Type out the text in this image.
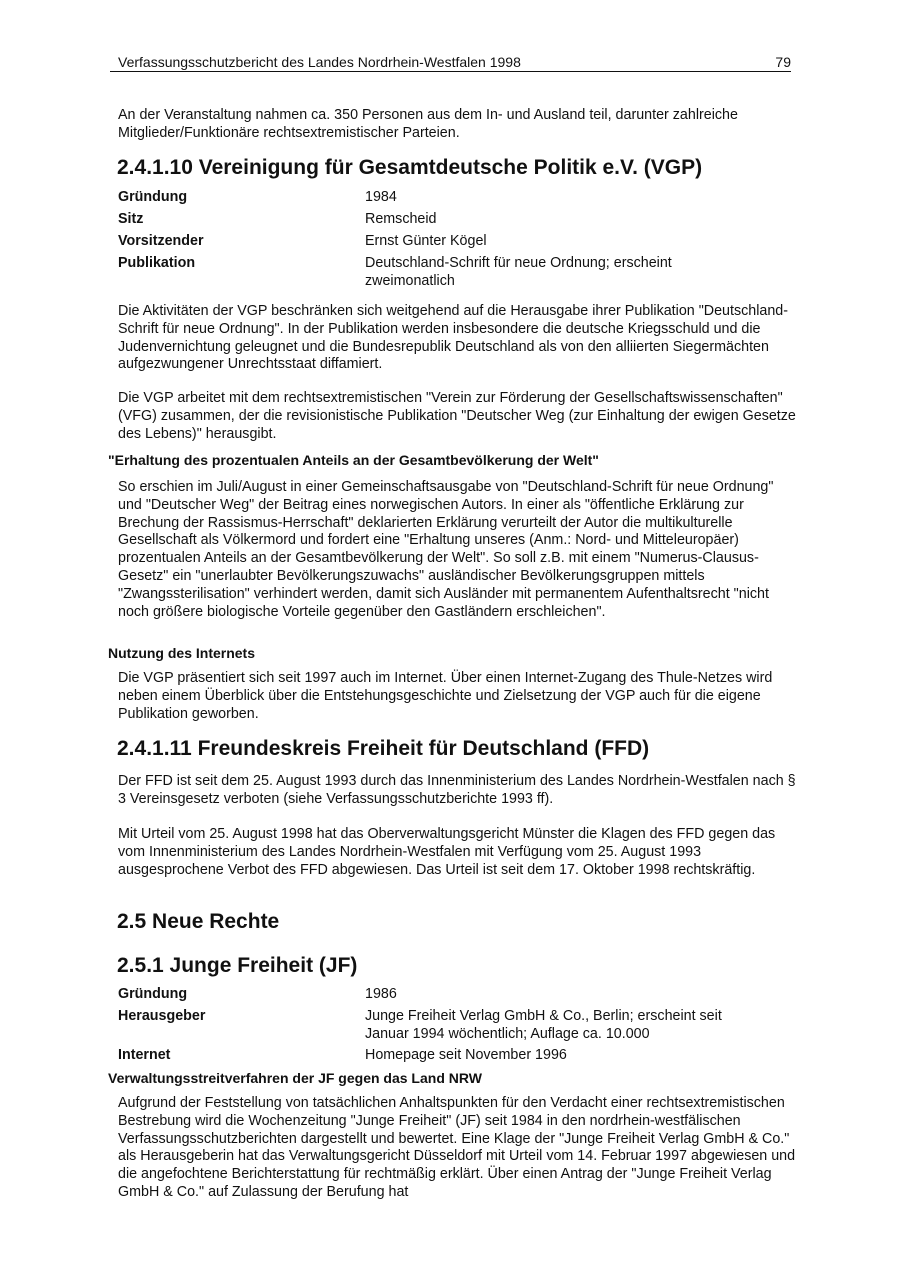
Verfassungsschutzbericht des Landes Nordrhein-Westfalen 1998	79
An der Veranstaltung nahmen ca. 350 Personen aus dem In- und Ausland teil, darunter zahlreiche Mitglieder/Funktionäre rechtsextremistischer Parteien.
2.4.1.10 Vereinigung für Gesamtdeutsche Politik e.V. (VGP)
Gründung	1984
Sitz	Remscheid
Vorsitzender	Ernst Günter Kögel
Publikation	Deutschland-Schrift für neue Ordnung; erscheint zweimonatlich
Die Aktivitäten der VGP beschränken sich weitgehend auf die Herausgabe ihrer Publikation "Deutschland-Schrift für neue Ordnung". In der Publikation werden insbesondere die deutsche Kriegsschuld und die Judenvernichtung geleugnet und die Bundesrepublik Deutschland als von den alliierten Siegermächten aufgezwungener Unrechtsstaat diffamiert.
Die VGP arbeitet mit dem rechtsextremistischen "Verein zur Förderung der Gesellschaftswissenschaften" (VFG) zusammen, der die revisionistische Publikation "Deutscher Weg (zur Einhaltung der ewigen Gesetze des Lebens)" herausgibt.
"Erhaltung des prozentualen Anteils an der Gesamtbevölkerung der Welt"
So erschien im Juli/August in einer Gemeinschaftsausgabe von "Deutschland-Schrift für neue Ordnung" und "Deutscher Weg" der Beitrag eines norwegischen Autors. In einer als "öffentliche Erklärung zur Brechung der Rassismus-Herrschaft" deklarierten Erklärung verurteilt der Autor die multikulturelle Gesellschaft als Völkermord und fordert eine "Erhaltung unseres (Anm.: Nord- und Mitteleuropäer) prozentualen Anteils an der Gesamtbevölkerung der Welt". So soll z.B. mit einem "Numerus-Clausus-Gesetz" ein "unerlaubter Bevölkerungszuwachs" ausländischer Bevölkerungsgruppen mittels "Zwangssterilisation" verhindert werden, damit sich Ausländer mit permanentem Aufenthaltsrecht "nicht noch größere biologische Vorteile gegenüber den Gastländern erschleichen".
Nutzung des Internets
Die VGP präsentiert sich seit 1997 auch im Internet. Über einen Internet-Zugang des Thule-Netzes wird neben einem Überblick über die Entstehungsgeschichte und Zielsetzung der VGP auch für die eigene Publikation geworben.
2.4.1.11 Freundeskreis Freiheit für Deutschland (FFD)
Der FFD ist seit dem 25. August 1993 durch das Innenministerium des Landes Nordrhein-Westfalen nach § 3 Vereinsgesetz verboten (siehe Verfassungsschutzberichte 1993 ff).
Mit Urteil vom 25. August 1998 hat das Oberverwaltungsgericht Münster die Klagen des FFD gegen das vom Innenministerium des Landes Nordrhein-Westfalen mit Verfügung vom 25. August 1993 ausgesprochene Verbot des FFD abgewiesen. Das Urteil ist seit dem 17. Oktober 1998 rechtskräftig.
2.5 Neue Rechte
2.5.1 Junge Freiheit (JF)
Gründung	1986
Herausgeber	Junge Freiheit Verlag GmbH & Co., Berlin; erscheint seit Januar 1994 wöchentlich; Auflage ca. 10.000
Internet	Homepage seit November 1996
Verwaltungsstreitverfahren der JF gegen das Land NRW
Aufgrund der Feststellung von tatsächlichen Anhaltspunkten für den Verdacht einer rechtsextremistischen Bestrebung wird die Wochenzeitung "Junge Freiheit" (JF) seit 1984 in den nordrhein-westfälischen Verfassungsschutzberichten dargestellt und bewertet. Eine Klage der "Junge Freiheit Verlag GmbH & Co." als Herausgeberin hat das Verwaltungsgericht Düsseldorf mit Urteil vom 14. Februar 1997 abgewiesen und die angefochtene Berichterstattung für rechtmäßig erklärt. Über einen Antrag der "Junge Freiheit Verlag GmbH & Co." auf Zulassung der Berufung hat
